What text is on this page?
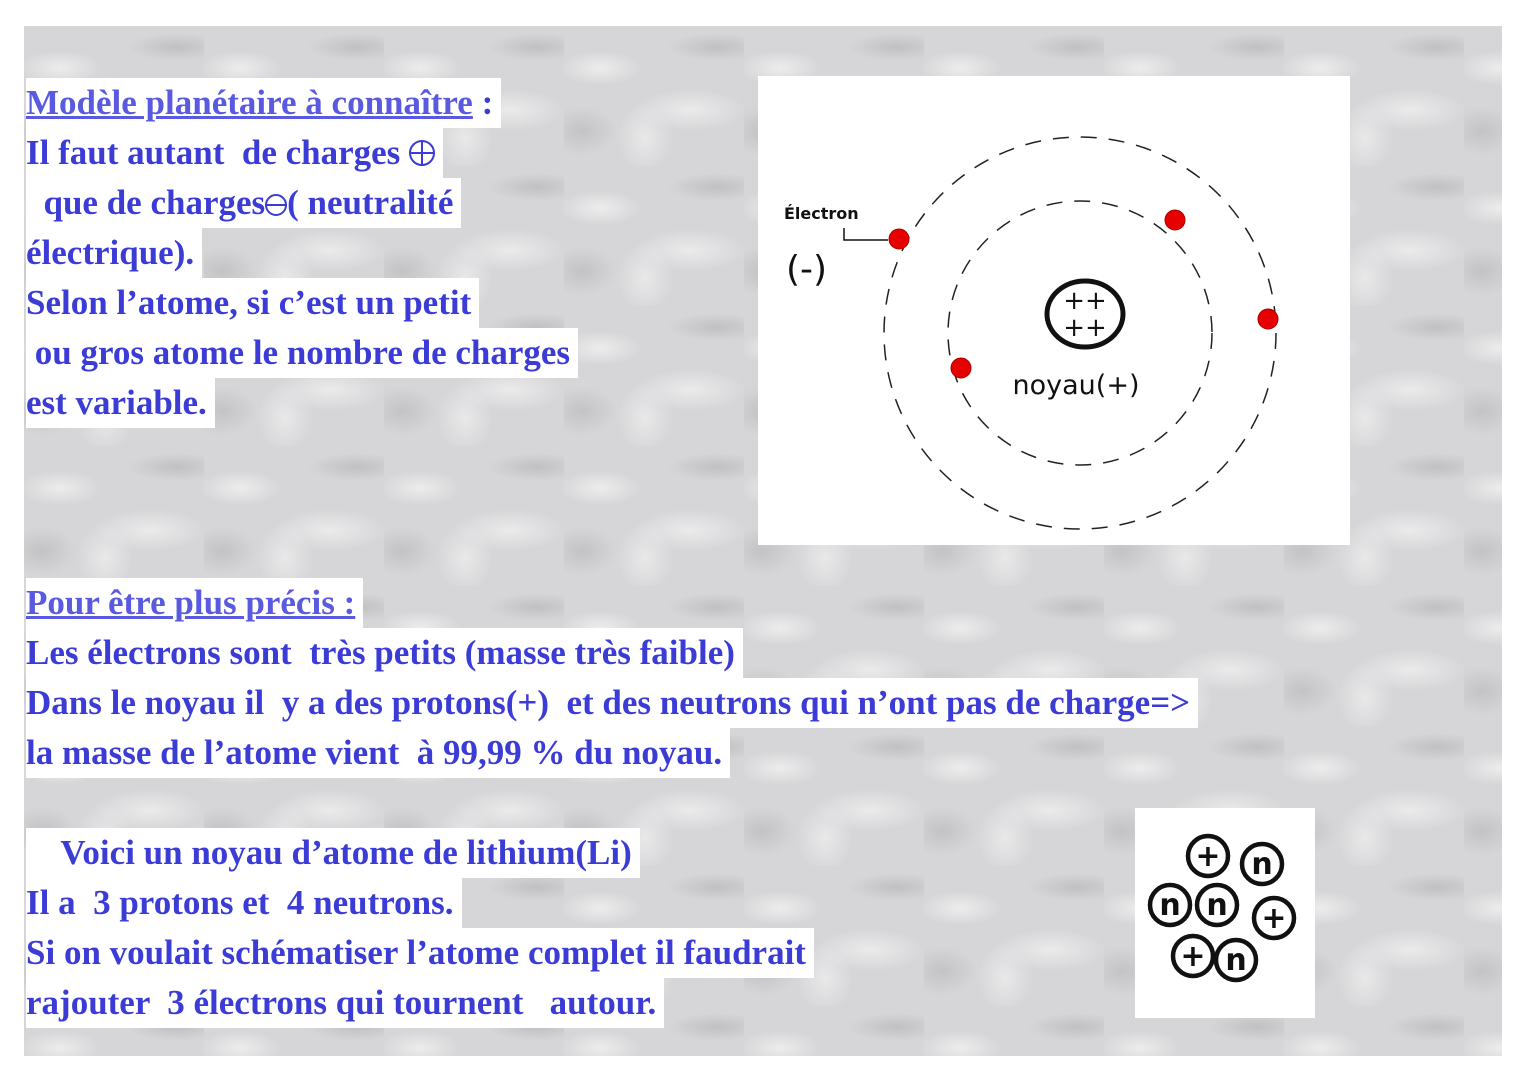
Modèle planétaire à connaître :
Il faut autant  de charges
que de charges ( neutralité
électrique).
Selon l’atome, si c’est un petit
ou gros atome le nombre de charges
est variable.
++
++
noyau(+)
Électron
(-)
Pour être plus précis :
Les électrons sont  très petits (masse très faible)
Dans le noyau il  y a des protons(+)  et des neutrons qui n’ont pas de charge=>
la masse de l’atome vient  à 99,99 % du noyau.
Voici un noyau d’atome de lithium(Li)
Il a  3 protons et  4 neutrons.
Si on voulait schématiser l’atome complet il faudrait
rajouter  3 électrons qui tournent   autour.
+ n
n n +
+ n
